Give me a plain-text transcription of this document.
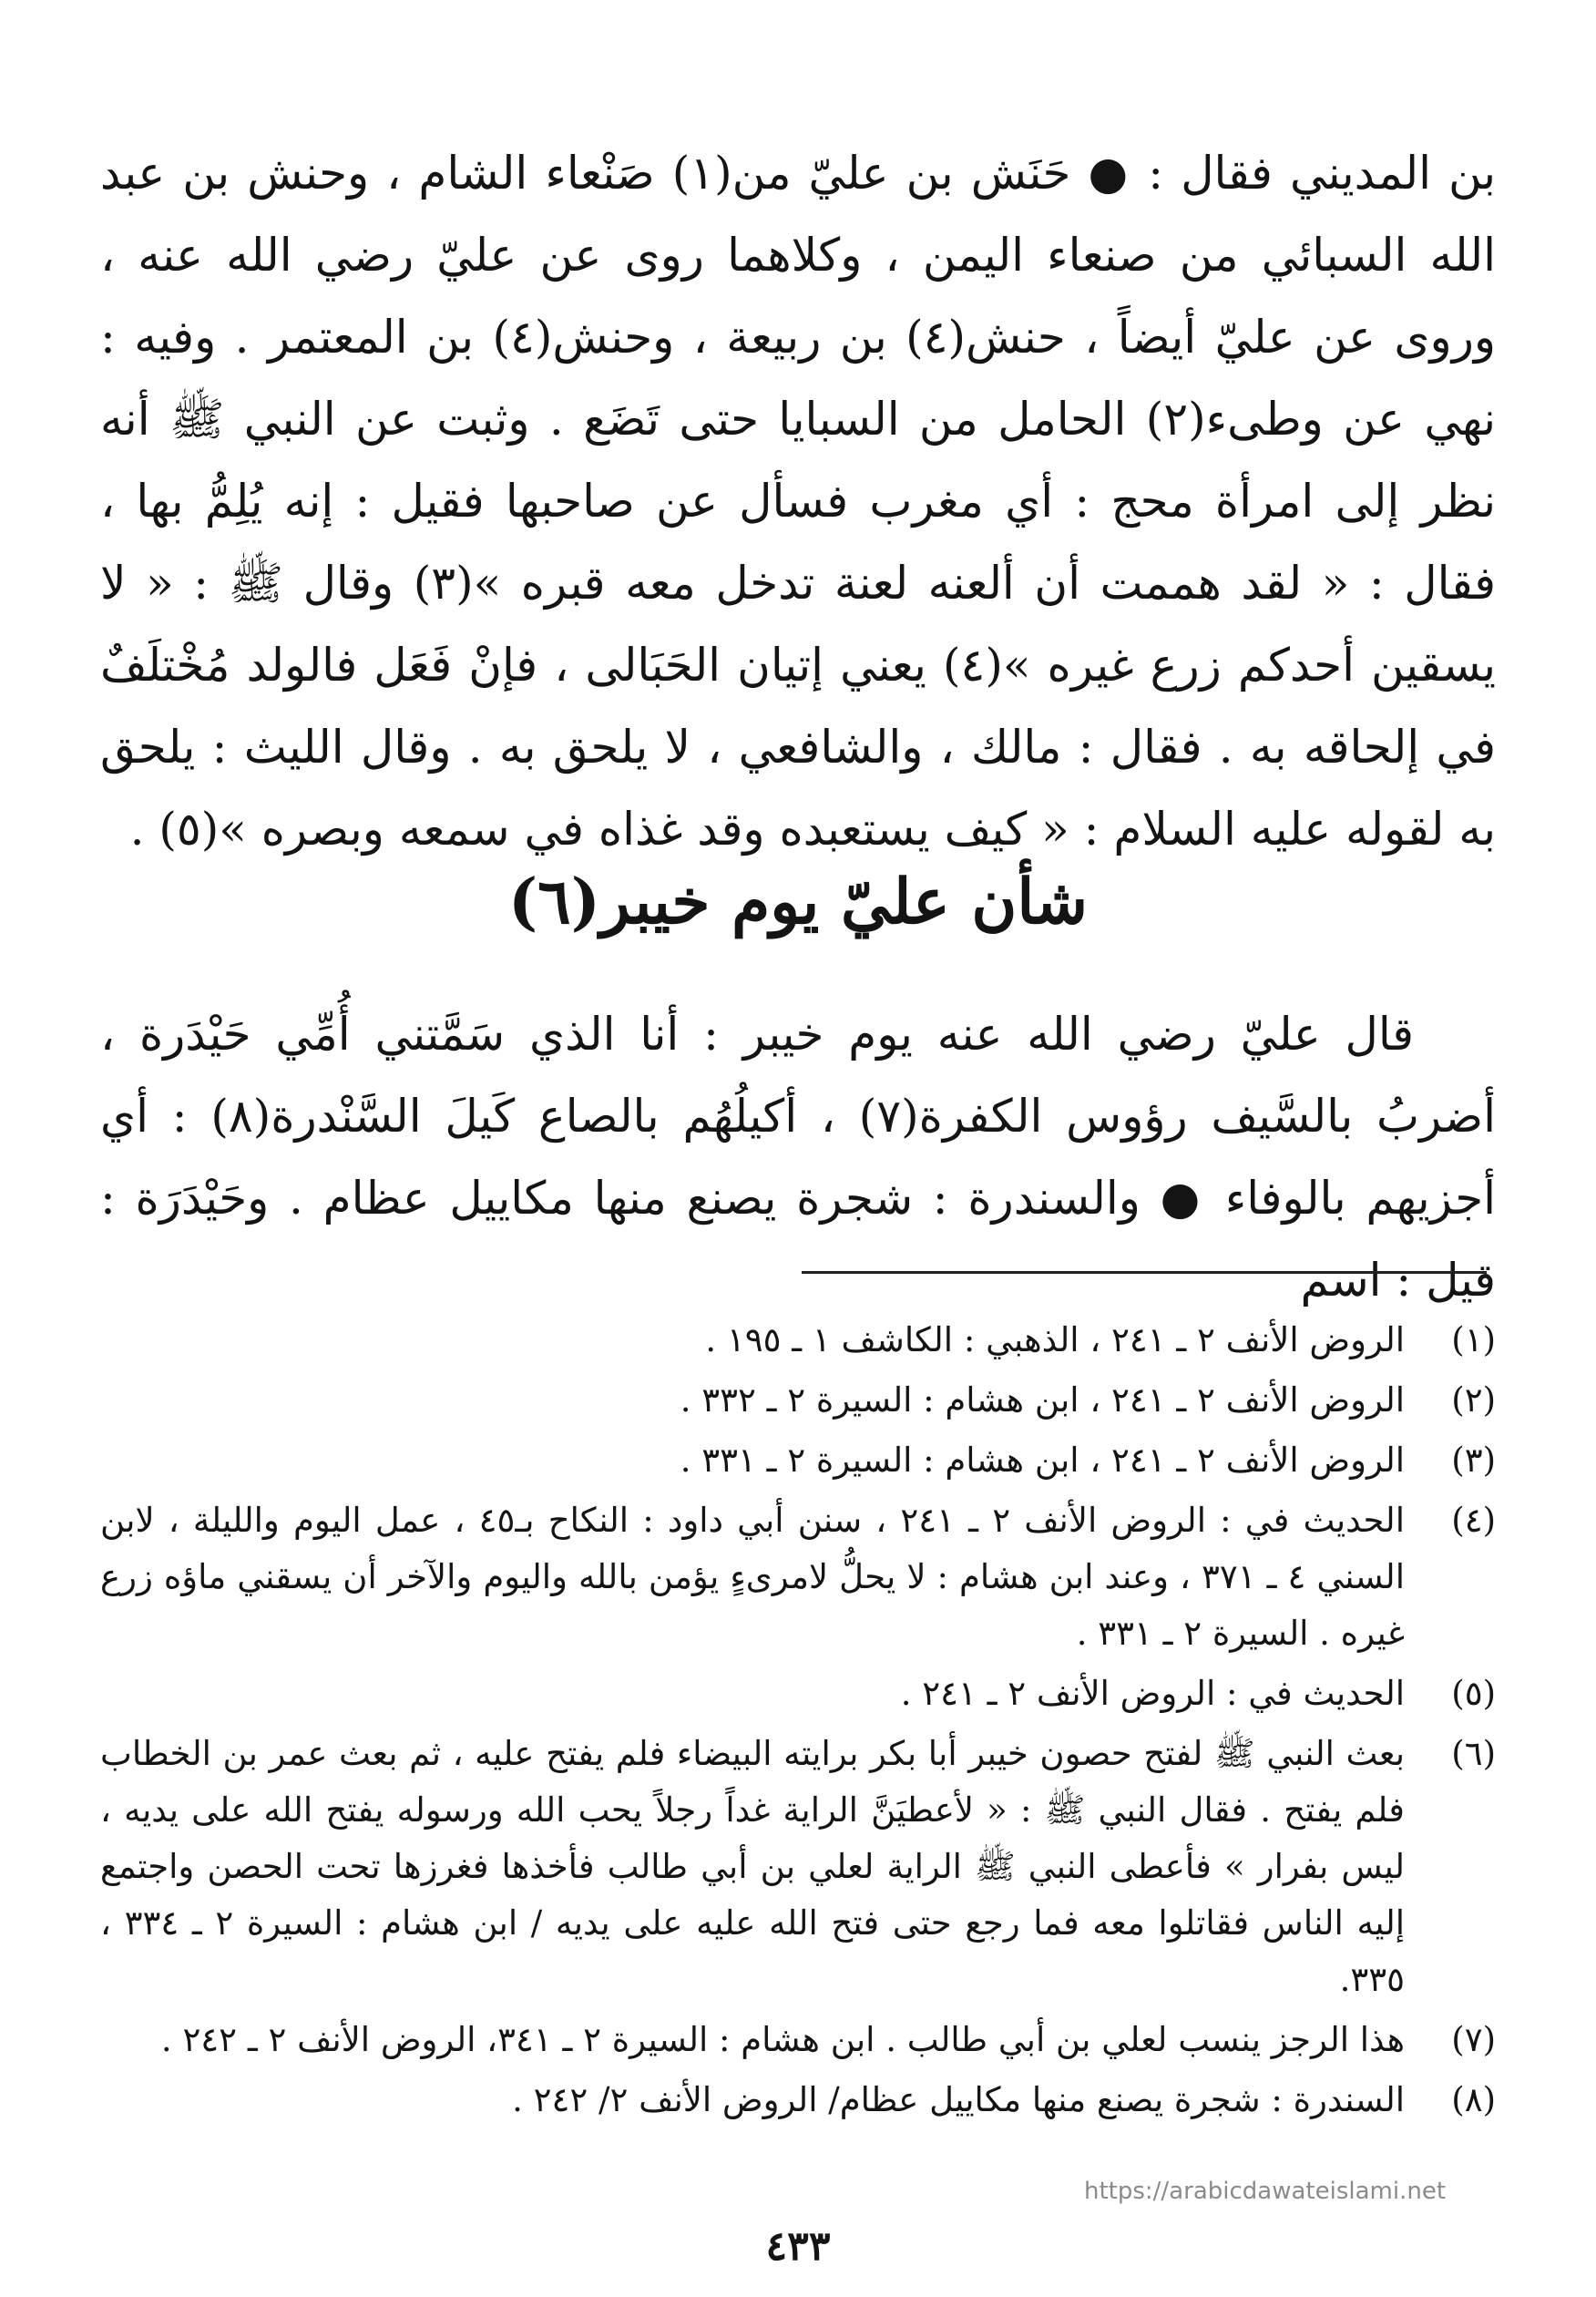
بن المديني فقال : ● حَنَش بن عليّ من(١) صَنْعاء الشام ، وحنش بن عبد الله السبائي من صنعاء اليمن ، وكلاهما روى عن عليّ رضي الله عنه ، وروى عن عليّ أيضاً ، حنش(٤) بن ربيعة ، وحنش(٤) بن المعتمر . وفيه : نهي عن وطىء(٢) الحامل من السبايا حتى تَضَع . وثبت عن النبي ﷺ أنه نظر إلى امرأة محج : أي مغرب فسأل عن صاحبها فقيل : إنه يُلِمُّ بها ، فقال : « لقد هممت أن ألعنه لعنة تدخل معه قبره »(٣) وقال ﷺ : « لا يسقين أحدكم زرع غيره »(٤) يعني إتيان الحَبَالى ، فإنْ فَعَل فالولد مُخْتلَفٌ في إلحاقه به . فقال : مالك ، والشافعي ، لا يلحق به . وقال الليث : يلحق به لقوله عليه السلام : « كيف يستعبده وقد غذاه في سمعه وبصره »(٥) .

شأن عليّ يوم خيبر(٦)

قال عليّ رضي الله عنه يوم خيبر : أنا الذي سَمَّتني أُمِّي حَيْدَرة ، أضربُ بالسَّيف رؤوس الكفرة(٧) ، أكيلُهُم بالصاع كَيلَ السَّنْدرة(٨) : أي أجزيهم بالوفاء ● والسندرة : شجرة يصنع منها مكاييل عظام . وحَيْدَرَة : قيل : اسم

(١)
الروض الأنف ٢ ـ ٢٤١ ، الذهبي : الكاشف ١ ـ ١٩٥ .
(٢)
الروض الأنف ٢ ـ ٢٤١ ، ابن هشام : السيرة ٢ ـ ٣٣٢ .
(٣)
الروض الأنف ٢ ـ ٢٤١ ، ابن هشام : السيرة ٢ ـ ٣٣١ .
(٤)
الحديث في : الروض الأنف ٢ ـ ٢٤١ ، سنن أبي داود : النكاح بـ٤٥ ، عمل اليوم والليلة ، لابن السني ٤ ـ ٣٧١ ، وعند ابن هشام : لا يحلُّ لامرىءٍ يؤمن بالله واليوم والآخر أن يسقني ماؤه زرع غيره . السيرة ٢ ـ ٣٣١ .
(٥)
الحديث في : الروض الأنف ٢ ـ ٢٤١ .
(٦)
بعث النبي ﷺ لفتح حصون خيبر أبا بكر برايته البيضاء فلم يفتح عليه ، ثم بعث عمر بن الخطاب فلم يفتح . فقال النبي ﷺ : « لأعطيَنَّ الراية غداً رجلاً يحب الله ورسوله يفتح الله على يديه ، ليس بفرار » فأعطى النبي ﷺ الراية لعلي بن أبي طالب فأخذها فغرزها تحت الحصن واجتمع إليه الناس فقاتلوا معه فما رجع حتى فتح الله عليه على يديه / ابن هشام : السيرة ٢ ـ ٣٣٤ ، ٣٣٥.
(٧)
هذا الرجز ينسب لعلي بن أبي طالب . ابن هشام : السيرة ٢ ـ ٣٤١، الروض الأنف ٢ ـ ٢٤٢ .
(٨)
السندرة : شجرة يصنع منها مكاييل عظام/ الروض الأنف ٢/ ٢٤٢ .
https://arabicdawateislami.net
٤٣٣
